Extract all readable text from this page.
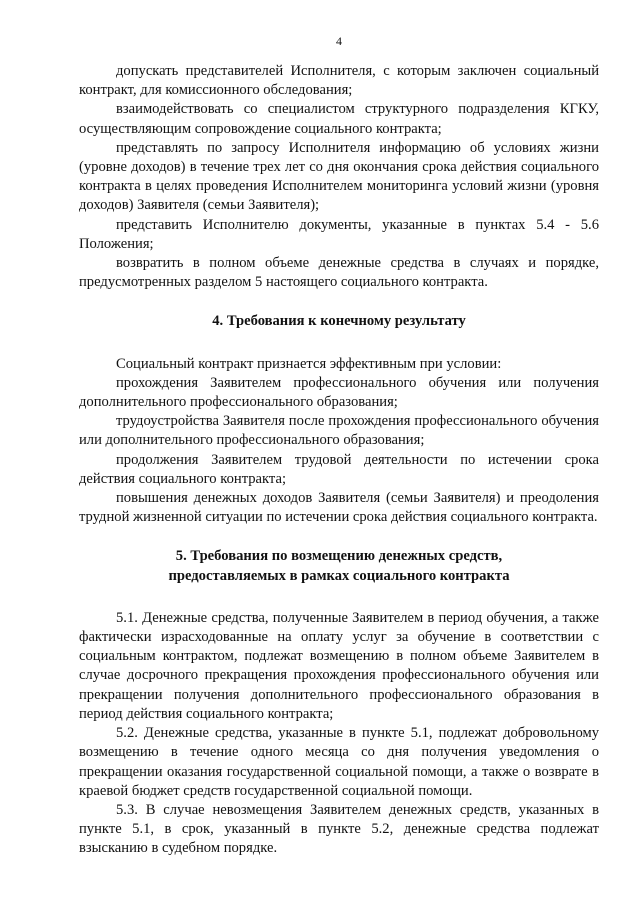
4

допускать представителей Исполнителя, с которым заключен социальный контракт, для комиссионного обследования;

взаимодействовать со специалистом структурного подразделения КГКУ, осуществляющим сопровождение социального контракта;

представлять по запросу Исполнителя информацию об условиях жизни (уровне доходов) в течение трех лет со дня окончания срока действия социального контракта в целях проведения Исполнителем мониторинга условий жизни (уровня доходов) Заявителя (семьи Заявителя);

представить Исполнителю документы, указанные в пунктах 5.4 - 5.6 Положения;

возвратить в полном объеме денежные средства в случаях и порядке, предусмотренных разделом 5 настоящего социального контракта.

4. Требования к конечному результату

Социальный контракт признается эффективным при условии:

прохождения Заявителем профессионального обучения или получения дополнительного профессионального образования;

трудоустройства Заявителя после прохождения профессионального обучения или дополнительного профессионального образования;

продолжения Заявителем трудовой деятельности по истечении срока действия социального контракта;

повышения денежных доходов Заявителя (семьи Заявителя) и преодоления трудной жизненной ситуации по истечении срока действия социального контракта.

5. Требования по возмещению денежных средств,
предоставляемых в рамках социального контракта

5.1. Денежные средства, полученные Заявителем в период обучения, а также фактически израсходованные на оплату услуг за обучение в соответствии с социальным контрактом, подлежат возмещению в полном объеме Заявителем в случае досрочного прекращения прохождения профессионального обучения или прекращении получения дополнительного профессионального образования в период действия социального контракта;

5.2. Денежные средства, указанные в пункте 5.1, подлежат добровольному возмещению в течение одного месяца со дня получения уведомления о прекращении оказания государственной социальной помощи, а также о возврате в краевой бюджет средств государственной социальной помощи.

5.3. В случае невозмещения Заявителем денежных средств, указанных в пункте 5.1, в срок, указанный в пункте 5.2, денежные средства подлежат взысканию в судебном порядке.
